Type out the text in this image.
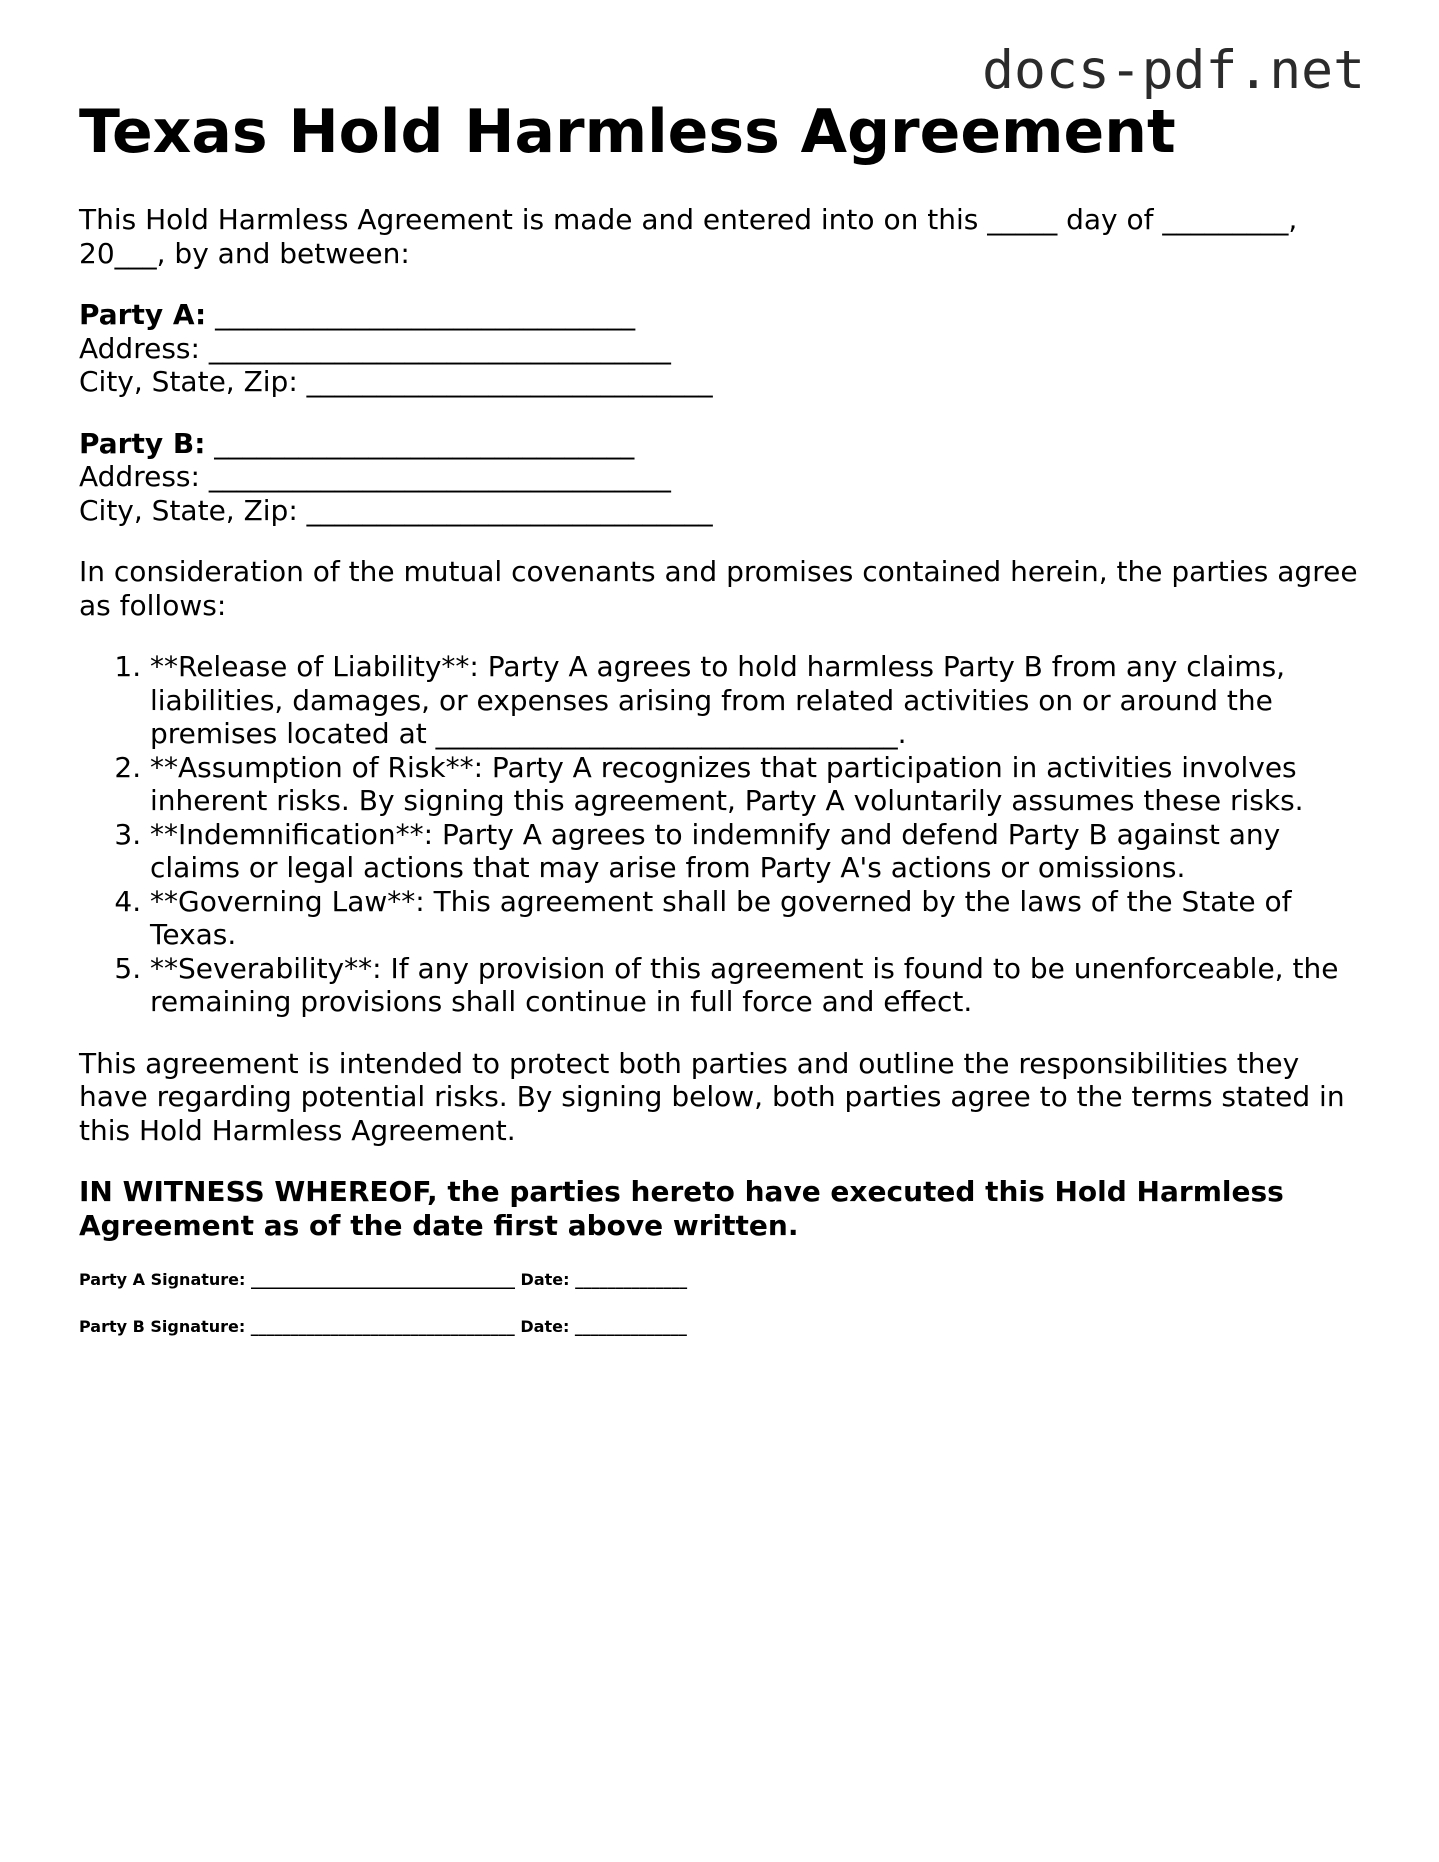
docs-pdf.net
Texas Hold Harmless Agreement

This Hold Harmless Agreement is made and entered into on this _____ day of _________, 20___, by and between:

Party A: ______________________________
Address: _________________________________
City, State, Zip: _____________________________
Party B: ______________________________
Address: _________________________________
City, State, Zip: _____________________________

In consideration of the mutual covenants and promises contained herein, the parties agree as follows:

1. **Release of Liability**: Party A agrees to hold harmless Party B from any claims, liabilities, damages, or expenses arising from related activities on or around the premises located at _________________________________.
2. **Assumption of Risk**: Party A recognizes that participation in activities involves inherent risks. By signing this agreement, Party A voluntarily assumes these risks.
3. **Indemnification**: Party A agrees to indemnify and defend Party B against any claims or legal actions that may arise from Party A's actions or omissions.
4. **Governing Law**: This agreement shall be governed by the laws of the State of Texas.
5. **Severability**: If any provision of this agreement is found to be unenforceable, the remaining provisions shall continue in full force and effect.

This agreement is intended to protect both parties and outline the responsibilities they have regarding potential risks. By signing below, both parties agree to the terms stated in this Hold Harmless Agreement.

IN WITNESS WHEREOF, the parties hereto have executed this Hold Harmless Agreement as of the date first above written.

Party A Signature: _________________________________ Date: ______________
Party B Signature: _________________________________ Date: ______________
